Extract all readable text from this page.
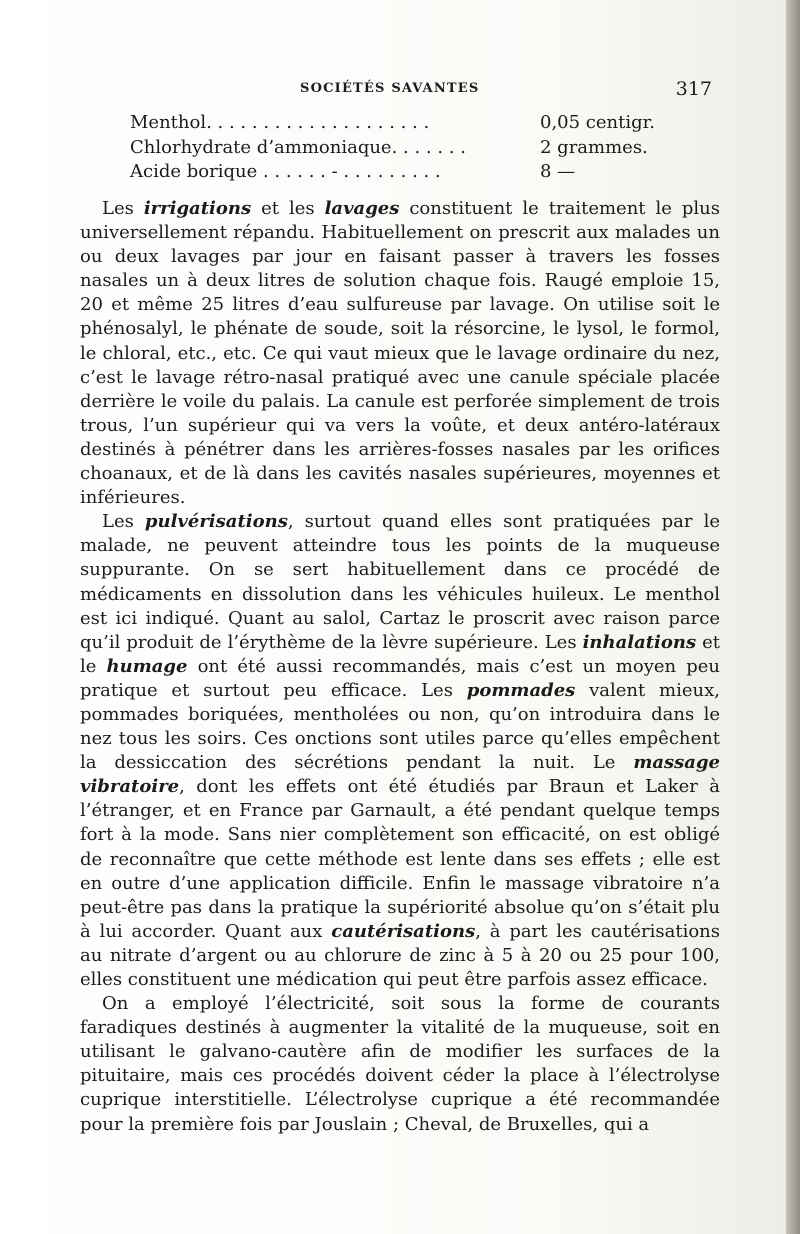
SOCIÉTÉS SAVANTES	317
Menthol. . . . . . . . . . . . . . . . . . . .	0,05 centigr.
Chlorhydrate d’ammoniaque. . . . . . .	2 grammes.
Acide borique . . . . . . - . . . . . . . . .	8 —

Les irrigations et les lavages constituent le traitement le plus universellement répandu. Habituellement on prescrit aux malades un ou deux lavages par jour en faisant passer à travers les fosses nasales un à deux litres de solution chaque fois. Raugé emploie 15, 20 et même 25 litres d’eau sulfureuse par lavage. On utilise soit le phénosalyl, le phénate de soude, soit la résorcine, le lysol, le formol, le chloral, etc., etc. Ce qui vaut mieux que le lavage ordinaire du nez, c’est le lavage rétro-nasal pratiqué avec une canule spéciale placée derrière le voile du palais. La canule est perforée simplement de trois trous, l’un supérieur qui va vers la voûte, et deux antéro-latéraux destinés à pénétrer dans les arrières-fosses nasales par les orifices choanaux, et de là dans les cavités nasales supérieures, moyennes et inférieures.

Les pulvérisations, surtout quand elles sont pratiquées par le malade, ne peuvent atteindre tous les points de la muqueuse suppurante. On se sert habituellement dans ce procédé de médicaments en dissolution dans les véhicules huileux. Le menthol est ici indiqué. Quant au salol, Cartaz le proscrit avec raison parce qu’il produit de l’érythème de la lèvre supérieure. Les inhalations et le humage ont été aussi recommandés, mais c’est un moyen peu pratique et surtout peu efficace. Les pommades valent mieux, pommades boriquées, mentholées ou non, qu’on introduira dans le nez tous les soirs. Ces onctions sont utiles parce qu’elles empêchent la dessiccation des sécrétions pendant la nuit. Le massage vibratoire, dont les effets ont été étudiés par Braun et Laker à l’étranger, et en France par Garnault, a été pendant quelque temps fort à la mode. Sans nier complètement son efficacité, on est obligé de reconnaître que cette méthode est lente dans ses effets ; elle est en outre d’une application difficile. Enfin le massage vibratoire n’a peut-être pas dans la pratique la supériorité absolue qu’on s’était plu à lui accorder. Quant aux cautérisations, à part les cautérisations au nitrate d’argent ou au chlorure de zinc à 5 à 20 ou 25 pour 100, elles constituent une médication qui peut être parfois assez efficace.

On a employé l’électricité, soit sous la forme de courants faradiques destinés à augmenter la vitalité de la muqueuse, soit en utilisant le galvano-cautère afin de modifier les surfaces de la pituitaire, mais ces procédés doivent céder la place à l’électrolyse cuprique interstitielle. L’électrolyse cuprique a été recommandée pour la première fois par Jouslain ; Cheval, de Bruxelles, qui a
